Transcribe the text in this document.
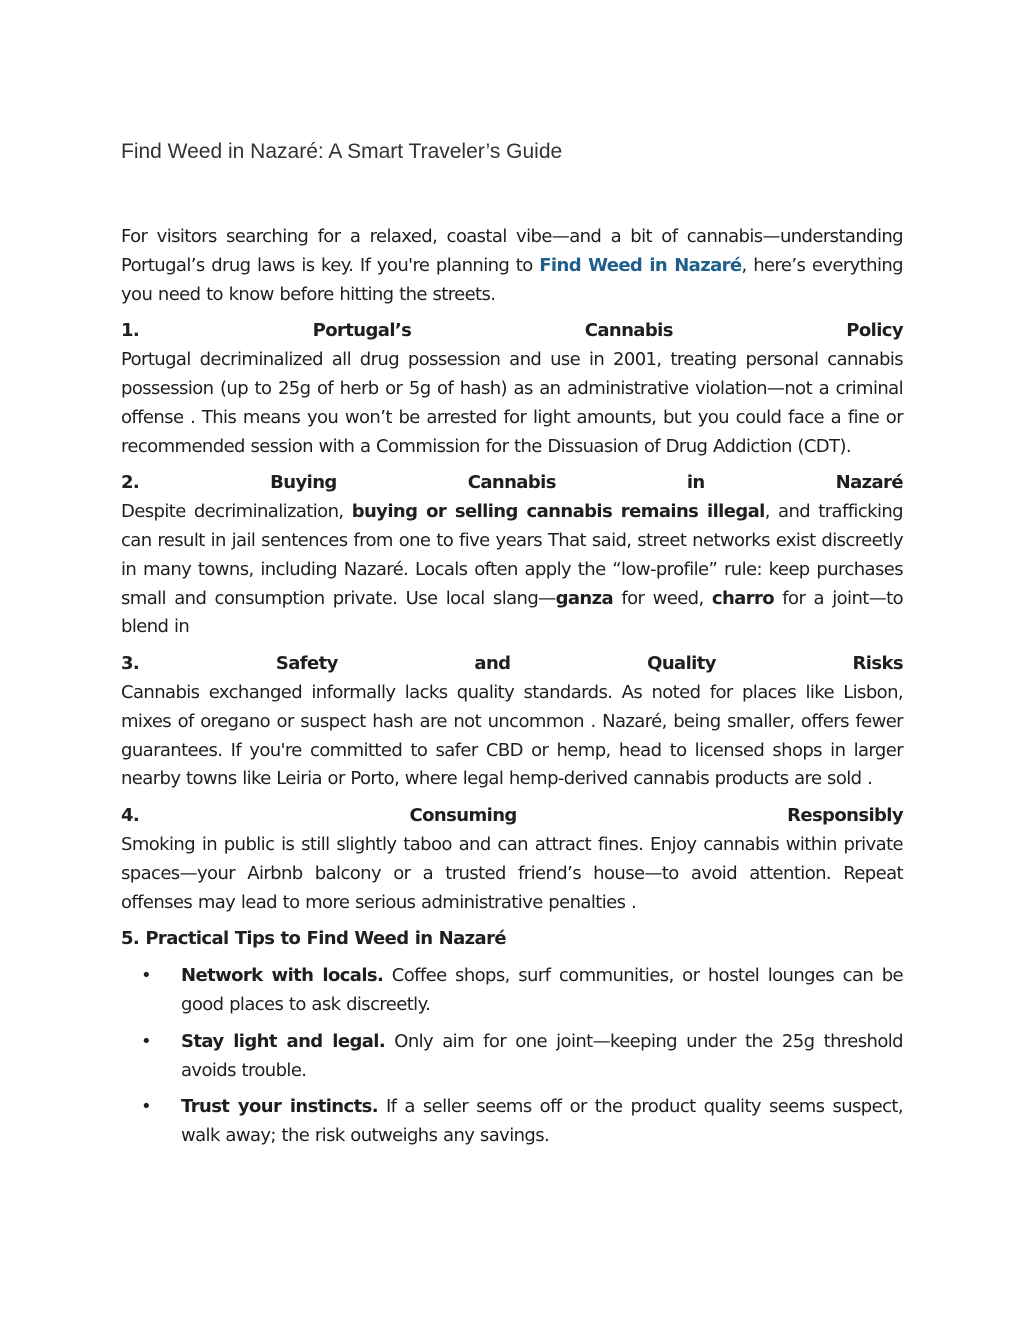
Find Weed in Nazaré: A Smart Traveler’s Guide

For visitors searching for a relaxed, coastal vibe—and a bit of cannabis—understanding Portugal’s drug laws is key. If you're planning to Find Weed in Nazaré, here’s everything you need to know before hitting the streets.

1.	Portugal’s	Cannabis	Policy

Portugal decriminalized all drug possession and use in 2001, treating personal cannabis possession (up to 25g of herb or 5g of hash) as an administrative violation—not a criminal offense . This means you won’t be arrested for light amounts, but you could face a fine or recommended session with a Commission for the Dissuasion of Drug Addiction (CDT).

2.	Buying	Cannabis	in	Nazaré

Despite decriminalization, buying or selling cannabis remains illegal, and trafficking can result in jail sentences from one to five years That said, street networks exist discreetly in many towns, including Nazaré. Locals often apply the “low-profile” rule: keep purchases small and consumption private. Use local slang—ganza for weed, charro for a joint—to blend in

3.	Safety	and	Quality	Risks

Cannabis exchanged informally lacks quality standards. As noted for places like Lisbon, mixes of oregano or suspect hash are not uncommon . Nazaré, being smaller, offers fewer guarantees. If you're committed to safer CBD or hemp, head to licensed shops in larger nearby towns like Leiria or Porto, where legal hemp-derived cannabis products are sold .

4.	Consuming	Responsibly

Smoking in public is still slightly taboo and can attract fines. Enjoy cannabis within private spaces—your Airbnb balcony or a trusted friend’s house—to avoid attention. Repeat offenses may lead to more serious administrative penalties .

5. Practical Tips to Find Weed in Nazaré

• Network with locals. Coffee shops, surf communities, or hostel lounges can be good places to ask discreetly.
• Stay light and legal. Only aim for one joint—keeping under the 25g threshold avoids trouble.
• Trust your instincts. If a seller seems off or the product quality seems suspect, walk away; the risk outweighs any savings.
